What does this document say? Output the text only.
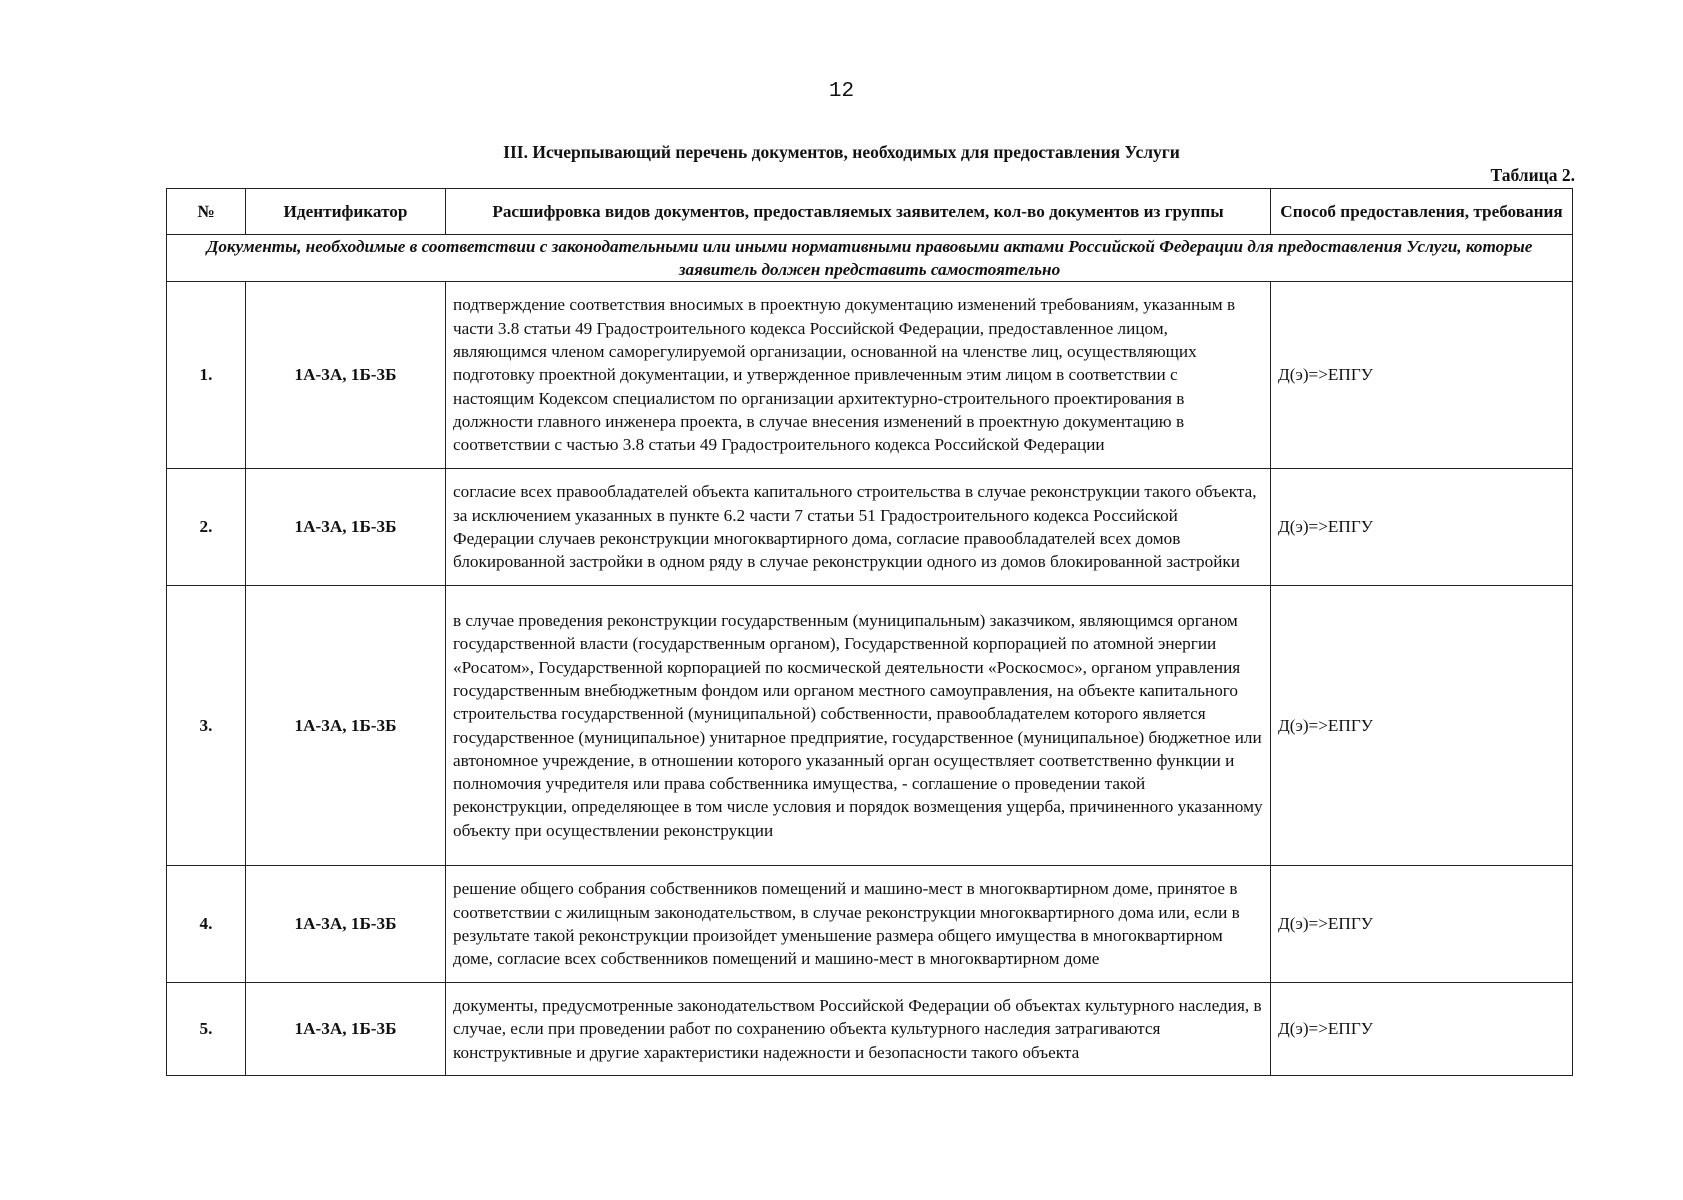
12
III. Исчерпывающий перечень документов, необходимых для предоставления Услуги
Таблица 2.
№	Идентификатор	Расшифровка видов документов, предоставляемых заявителем, кол-во документов из группы	Способ предоставления, требования
Документы, необходимые в соответствии с законодательными или иными нормативными правовыми актами Российской Федерации для предоставления Услуги, которые заявитель должен представить самостоятельно			
1.	1А-3А, 1Б-3Б	подтверждение соответствия вносимых в проектную документацию изменений требованиям, указанным в части 3.8 статьи 49 Градостроительного кодекса Российской Федерации, предоставленное лицом, являющимся членом саморегулируемой организации, основанной на членстве лиц, осуществляющих подготовку проектной документации, и утвержденное привлеченным этим лицом в соответствии с настоящим Кодексом специалистом по организации архитектурно-строительного проектирования в должности главного инженера проекта, в случае внесения изменений в проектную документацию в соответствии с частью 3.8 статьи 49 Градостроительного кодекса Российской Федерации	Д(э)=>ЕПГУ
2.	1А-3А, 1Б-3Б	согласие всех правообладателей объекта капитального строительства в случае реконструкции такого объекта, за исключением указанных в пункте 6.2 части 7 статьи 51 Градостроительного кодекса Российской Федерации случаев реконструкции многоквартирного дома, согласие правообладателей всех домов блокированной застройки в одном ряду в случае реконструкции одного из домов блокированной застройки	Д(э)=>ЕПГУ
3.	1А-3А, 1Б-3Б	в случае проведения реконструкции государственным (муниципальным) заказчиком, являющимся органом государственной власти (государственным органом), Государственной корпорацией по атомной энергии «Росатом», Государственной корпорацией по космической деятельности «Роскосмос», органом управления государственным внебюджетным фондом или органом местного самоуправления, на объекте капитального строительства государственной (муниципальной) собственности, правообладателем которого является государственное (муниципальное) унитарное предприятие, государственное (муниципальное) бюджетное или автономное учреждение, в отношении которого указанный орган осуществляет соответственно функции и полномочия учредителя или права собственника имущества, - соглашение о проведении такой реконструкции, определяющее в том числе условия и порядок возмещения ущерба, причиненного указанному объекту при осуществлении реконструкции	Д(э)=>ЕПГУ
4.	1А-3А, 1Б-3Б	решение общего собрания собственников помещений и машино-мест в многоквартирном доме, принятое в соответствии с жилищным законодательством, в случае реконструкции многоквартирного дома или, если в результате такой реконструкции произойдет уменьшение размера общего имущества в многоквартирном доме, согласие всех собственников помещений и машино-мест в многоквартирном доме	Д(э)=>ЕПГУ
5.	1А-3А, 1Б-3Б	документы, предусмотренные законодательством Российской Федерации об объектах культурного наследия, в случае, если при проведении работ по сохранению объекта культурного наследия затрагиваются конструктивные и другие характеристики надежности и безопасности такого объекта	Д(э)=>ЕПГУ
